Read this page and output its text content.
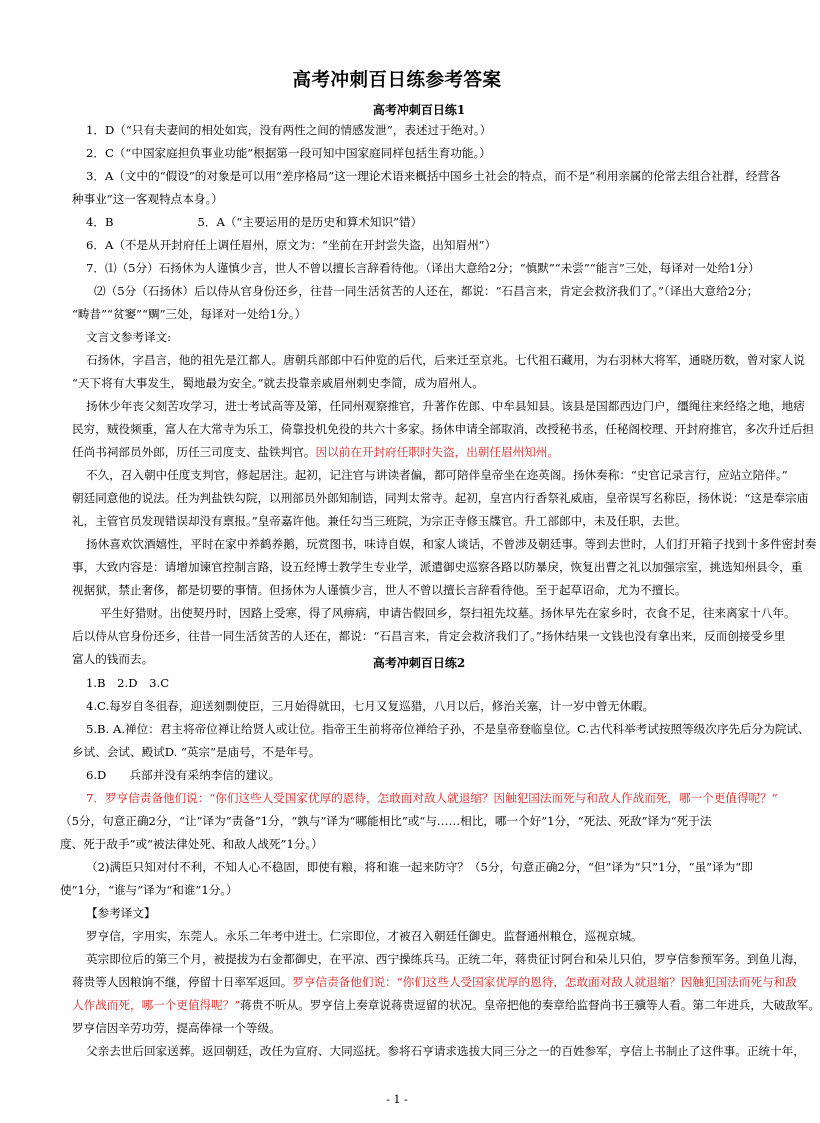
高考冲刺百日练参考答案
高考冲刺百日练1
1．D（“只有夫妻间的相处如宾，没有两性之间的情感发泄”，表述过于绝对。）
2．C（“中国家庭担负事业功能”根据第一段可知中国家庭同样包括生育功能。）
3．A（文中的“假设”的对象是可以用“差序格局”这一理论术语来概括中国乡土社会的特点，而不是“利用亲属的伦常去组合社群，经营各
种事业”这一客观特点本身。）
4．B	5．A（“主要运用的是历史和算术知识”错）
6．A（不是从开封府任上调任眉州，原文为：“坐前在开封尝失盗，出知眉州”）
7．⑴（5分）石扬休为人谨慎少言，世人不曾以擅长言辞看待他。（译出大意给2分；“慎默”“未尝”“能言”三处，每译对一处给1分）
⑵（5分（石扬休）后以侍从官身份还乡，往昔一同生活贫苦的人还在，都说：“石昌言来，肯定会救济我们了。”（译出大意给2分；
“畴昔”“贫窭”“赒”三处，每译对一处给1分。）
文言文参考译文:
石扬休，字昌言，他的祖先是江都人。唐朝兵部郎中石仲览的后代，后来迁至京兆。七代祖石藏用，为右羽林大将军，通晓历数，曾对家人说
“天下将有大事发生，蜀地最为安全。”就去投靠亲戚眉州刺史李简，成为眉州人。
扬休少年丧父刻苦攻学习，进士考试高等及第，任同州观察推官，升著作佐郎、中牟县知县。该县是国都西边门户，缰绳往来经络之地，地痞
民穷，贼役频重，富人在大常寺为乐工，倚靠投机免役的共六十多家。扬休申请全部取消，改授秘书丞，任秘阁校理、开封府推官，多次升迁后担
任尚书祠部员外郎，历任三司度支、盐铁判官。因以前在开封府任职时失盗，出朝任眉州知州。
不久，召入朝中任度支判官，修起居注。起初，记注官与讲读者偏，都可陪伴皇帝坐在迩英阁。扬休奏称：“史官记录言行，应站立陪伴。”
朝廷同意他的说法。任为判盐铁勾院，以刑部员外郎知制诰，同判太常寺。起初，皇宫内行香祭礼威庙，皇帝误写名称臣，扬休说：“这是奉宗庙
礼，主管官员发现错误却没有禀报。”皇帝嘉许他。兼任勾当三班院，为宗正寺修玉牒官。升工部郎中，未及任职，去世。
扬休喜欢饮酒嬉性，平时在家中养鹤养鹅，玩赏图书，味诗自娱，和家人谈话，不曾涉及朝廷事。等到去世时，人们打开箱子找到十多件密封奏
事，大致内容是：请增加谏官控制言路，设五经博士教学生专业学，派遣御史巡察各路以防暴戾，恢复出曹之礼以加强宗室，挑选知州县令，重
视据狱，禁止奢侈，都是切要的事情。但扬休为人谨慎少言，世人不曾以擅长言辞看待他。至于起草诏命，尤为不擅长。
平生好猎财。出使契丹时，因路上受寒，得了风痹病，申请告假回乡，祭扫祖先坟墓。扬休早先在家乡时，衣食不足，往来离家十八年。
后以侍从官身份还乡，往昔一同生活贫苦的人还在，都说：“石昌言来，肯定会救济我们了。”扬休结果一文钱也没有拿出来，反而创接受乡里
富人的钱而去。	高考冲刺百日练2
1.B　2.D　3.C
4.C.每岁自冬徂春，迎送刻剽使臣，三月始得就田，七月又复巡猎，八月以后，修治关塞，计一岁中曾无休暇。
5.B. A.禅位：君主将帝位禅让给贤人或让位。指帝王生前将帝位禅给子孙，不是皇帝登临皇位。C.古代科举考试按照等级次序先后分为院试、
乡试、会试、殿试D. “英宗”是庙号，不是年号。
6.D　　兵部并没有采纳李信的建议。
7．罗亨信责备他们说：“你们这些人受国家优厚的恩待，怎敢面对敌人就退缩？因触犯国法而死与和敌人作战而死，哪一个更值得呢？”
（5分，句意正确2分，“让”译为“责备”1分，“孰与”译为“哪能相比”或“与……相比，哪一个好”1分，“死法、死敌”译为“死于法
度、死于敌手”或“被法律处死、和敌人战死”1分。）
（2)满臣只知对付不利，不知人心不稳固，即使有粮，将和谁一起来防守？（5分，句意正确2分，“但”译为“只”1分，“虽”译为“即
使”1分，“谁与”译为“和谁”1分。）
【参考译文】
罗亨信，字用实，东莞人。永乐二年考中进士。仁宗即位，才被召入朝廷任御史。监督通州粮仓，巡视京城。
英宗即位后的第三个月，被提拔为右金都御史，在平凉、西宁操练兵马。正统二年，蒋贵征讨阿台和朵儿只伯，罗亨信参预军务。到鱼儿海，
蒋贵等人因粮饷不继，停留十日率军返回。罗亨信责备他们说：“你们这些人受国家优厚的恩待，怎敢面对敌人就退缩？因触犯国法而死与和敌
人作战而死，哪一个更值得呢？”蒋贵不听从。罗亨信上奏章说蒋贵逗留的状况。皇帝把他的奏章给监督尚书王骥等人看。第二年进兵，大破敌军。
罗亨信因辛劳功劳，提高俸禄一个等级。
父亲去世后回家送葬。返回朝廷，改任为宣府、大同巡抚。参将石亨请求选拔大同三分之一的百姓参军，亨信上书制止了这件事。正统十年，
- 1 -
